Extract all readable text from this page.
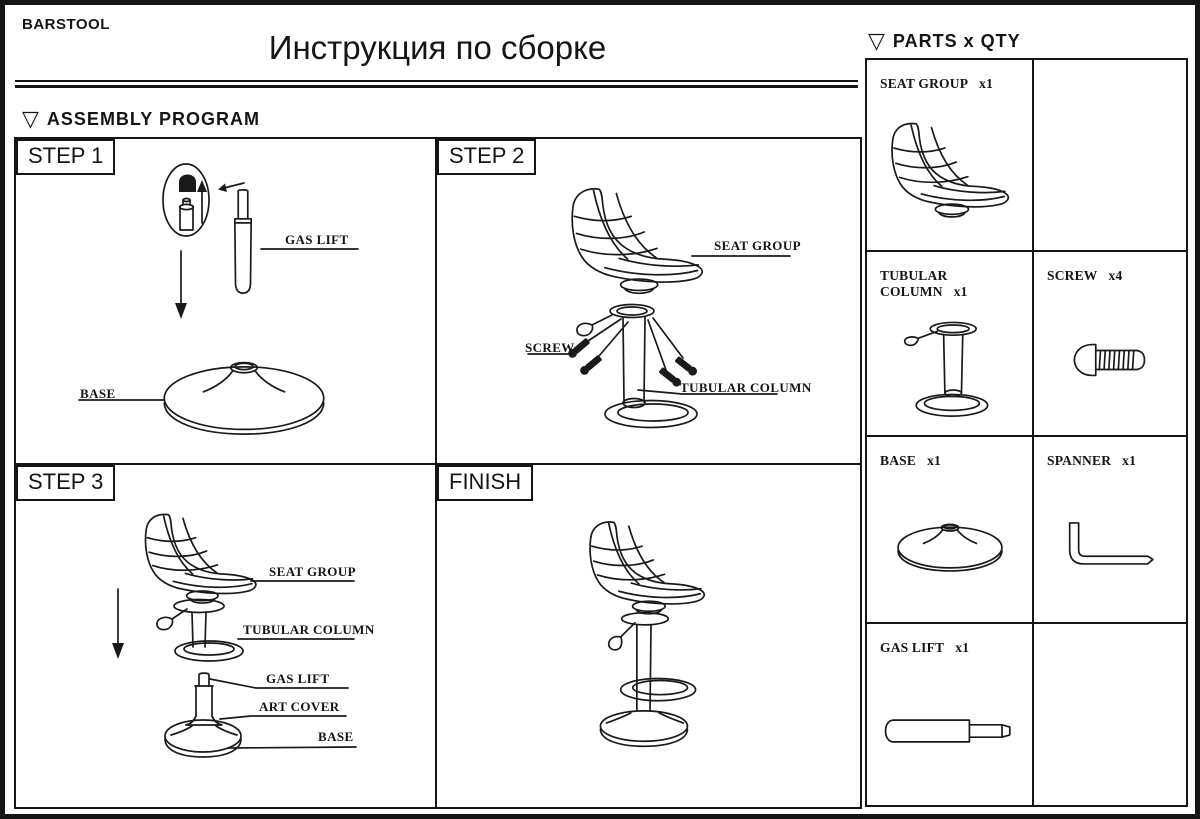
BARSTOOL
Инструкция по сборке
▽ ASSEMBLY PROGRAM
STEP 1
GAS LIFT
BASE
STEP 2
SEAT GROUP
SCREW
TUBULAR COLUMN
STEP 3
SEAT GROUP
TUBULAR COLUMN
GAS LIFT
ART COVER
BASE
FINISH
▽ PARTS x QTY
SEAT GROUP x1
TUBULAR COLUMN x1
SCREW x4
BASE x1	SPANNER x1
GAS LIFT x1
